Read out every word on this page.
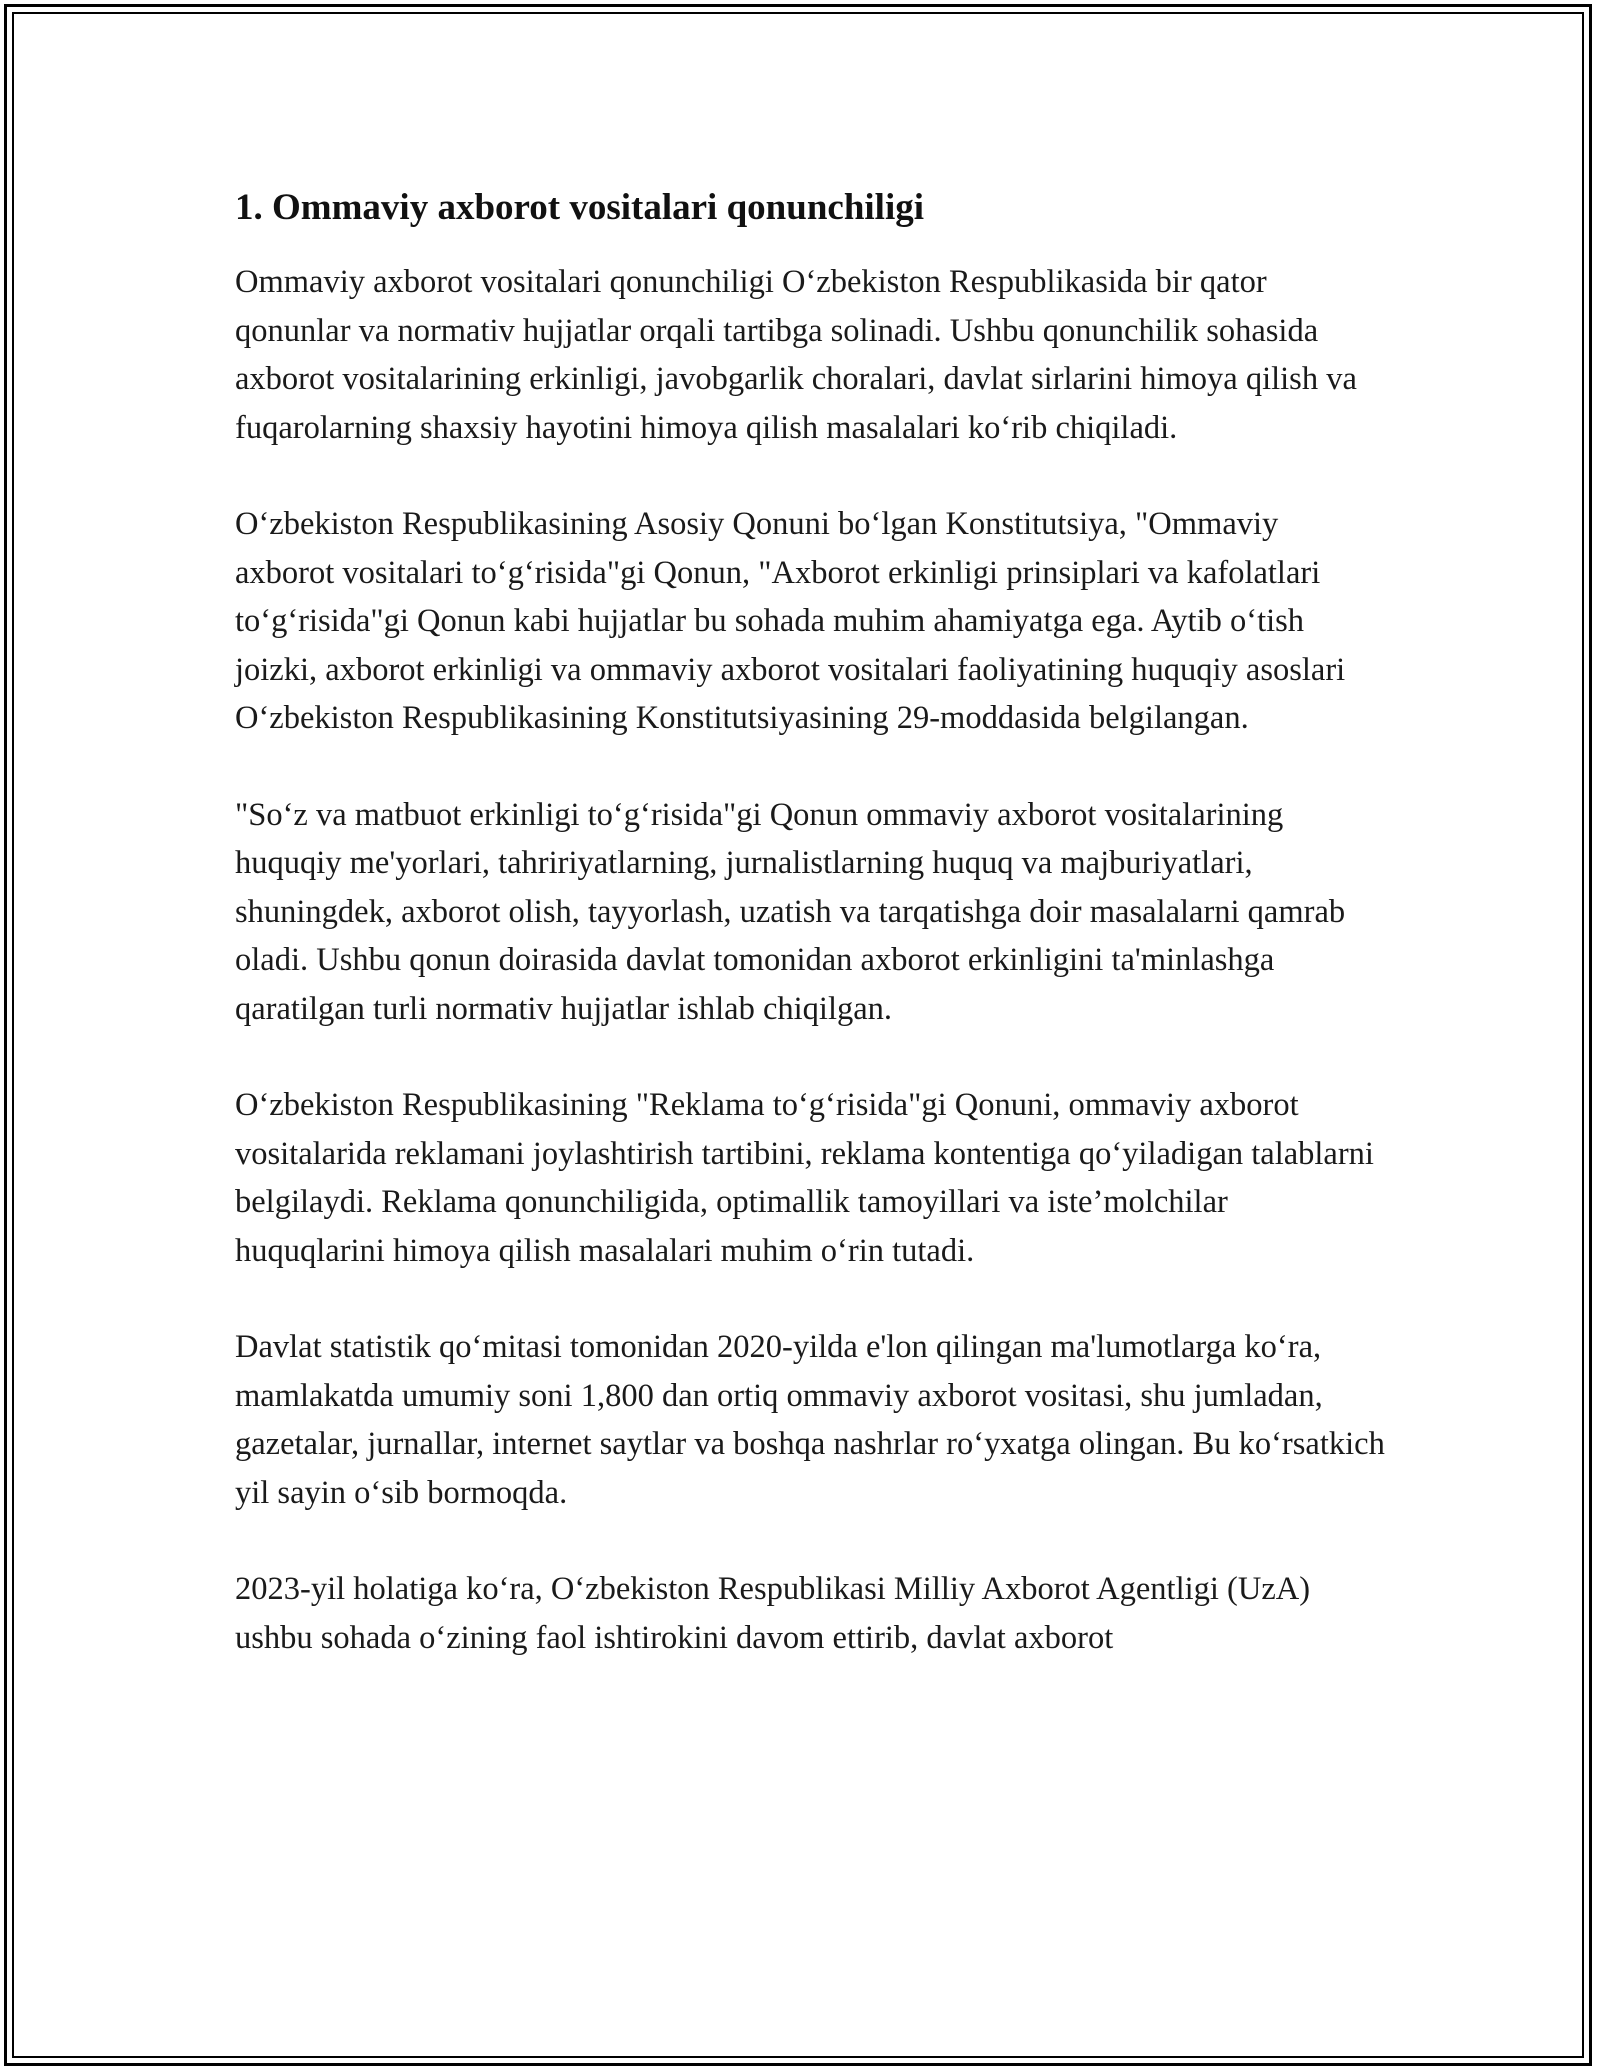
1. Ommaviy axborot vositalari qonunchiligi

Ommaviy axborot vositalari qonunchiligi O‘zbekiston Respublikasida bir qator qonunlar va normativ hujjatlar orqali tartibga solinadi. Ushbu qonunchilik sohasida axborot vositalarining erkinligi, javobgarlik choralari, davlat sirlarini himoya qilish va fuqarolarning shaxsiy hayotini himoya qilish masalalari ko‘rib chiqiladi.

O‘zbekiston Respublikasining Asosiy Qonuni bo‘lgan Konstitutsiya, "Ommaviy axborot vositalari to‘g‘risida"gi Qonun, "Axborot erkinligi prinsiplari va kafolatlari to‘g‘risida"gi Qonun kabi hujjatlar bu sohada muhim ahamiyatga ega. Aytib o‘tish joizki, axborot erkinligi va ommaviy axborot vositalari faoliyatining huquqiy asoslari O‘zbekiston Respublikasining Konstitutsiyasining 29-moddasida belgilangan.

"So‘z va matbuot erkinligi to‘g‘risida"gi Qonun ommaviy axborot vositalarining huquqiy me'yorlari, tahririyatlarning, jurnalistlarning huquq va majburiyatlari, shuningdek, axborot olish, tayyorlash, uzatish va tarqatishga doir masalalarni qamrab oladi. Ushbu qonun doirasida davlat tomonidan axborot erkinligini ta'minlashga qaratilgan turli normativ hujjatlar ishlab chiqilgan.

O‘zbekiston Respublikasining "Reklama to‘g‘risida"gi Qonuni, ommaviy axborot vositalarida reklamani joylashtirish tartibini, reklama kontentiga qo‘yiladigan talablarni belgilaydi. Reklama qonunchiligida, optimallik tamoyillari va iste’molchilar huquqlarini himoya qilish masalalari muhim o‘rin tutadi.

Davlat statistik qo‘mitasi tomonidan 2020-yilda e'lon qilingan ma'lumotlarga ko‘ra, mamlakatda umumiy soni 1,800 dan ortiq ommaviy axborot vositasi, shu jumladan, gazetalar, jurnallar, internet saytlar va boshqa nashrlar ro‘yxatga olingan. Bu ko‘rsatkich yil sayin o‘sib bormoqda.

2023-yil holatiga ko‘ra, O‘zbekiston Respublikasi Milliy Axborot Agentligi (UzA) ushbu sohada o‘zining faol ishtirokini davom ettirib, davlat axborot
